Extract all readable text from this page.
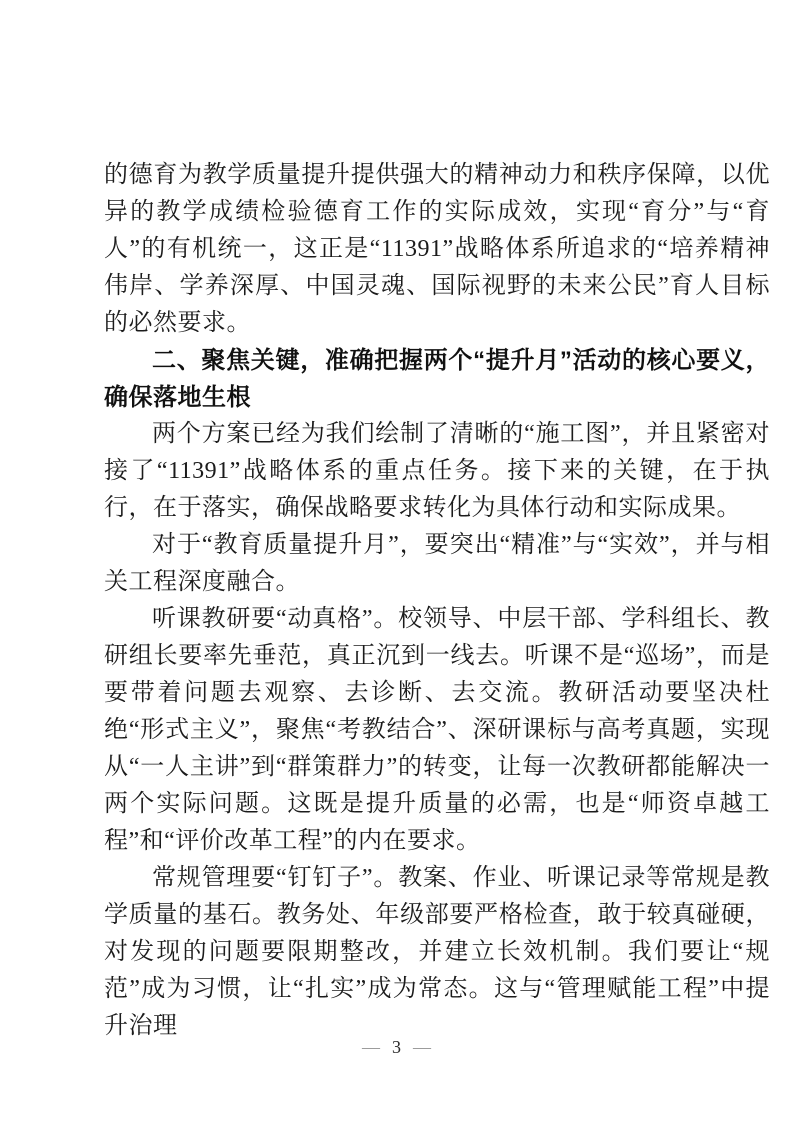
的德育为教学质量提升提供强大的精神动力和秩序保障，以优异的教学成绩检验德育工作的实际成效，实现“育分”与“育人”的有机统一，这正是“11391”战略体系所追求的“培养精神伟岸、学养深厚、中国灵魂、国际视野的未来公民”育人目标的必然要求。

二、聚焦关键，准确把握两个“提升月”活动的核心要义，确保落地生根

两个方案已经为我们绘制了清晰的“施工图”，并且紧密对接了“11391”战略体系的重点任务。接下来的关键，在于执行，在于落实，确保战略要求转化为具体行动和实际成果。

对于“教育质量提升月”，要突出“精准”与“实效”，并与相关工程深度融合。

听课教研要“动真格”。校领导、中层干部、学科组长、教研组长要率先垂范，真正沉到一线去。听课不是“巡场”，而是要带着问题去观察、去诊断、去交流。教研活动要坚决杜绝“形式主义”，聚焦“考教结合”、深研课标与高考真题，实现从“一人主讲”到“群策群力”的转变，让每一次教研都能解决一两个实际问题。这既是提升质量的必需，也是“师资卓越工程”和“评价改革工程”的内在要求。

常规管理要“钉钉子”。教案、作业、听课记录等常规是教学质量的基石。教务处、年级部要严格检查，敢于较真碰硬，对发现的问题要限期整改，并建立长效机制。我们要让“规范”成为习惯，让“扎实”成为常态。这与“管理赋能工程”中提升治理

— 3 —
